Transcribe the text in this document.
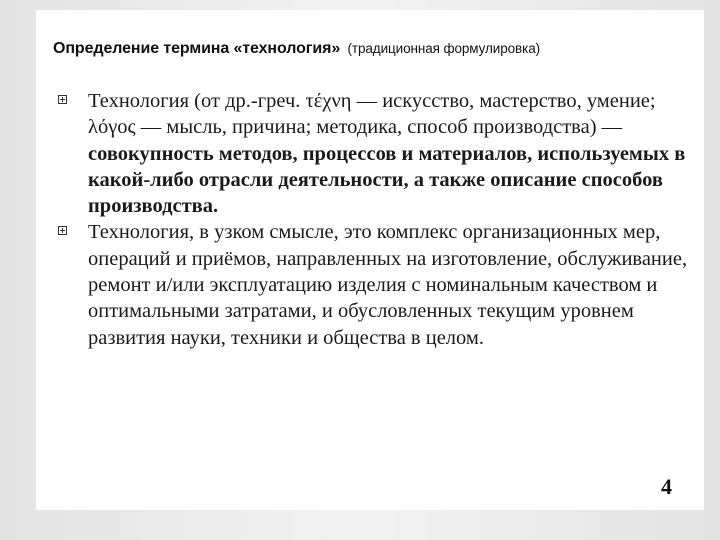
Определение термина «технология» (традиционная формулировка)
Технология (от др.-греч. τέχνη — искусство, мастерство, умение; λόγος — мысль, причина; методика, способ производства) — совокупность методов, процессов и материалов, используемых в какой-либо отрасли деятельности, а также описание способов производства.
Технология, в узком смысле, это комплекс организационных мер, операций и приёмов, направленных на изготовление, обслуживание, ремонт и/или эксплуатацию изделия с номинальным качеством и оптимальными затратами, и обусловленных текущим уровнем развития науки, техники и общества в целом.
4
